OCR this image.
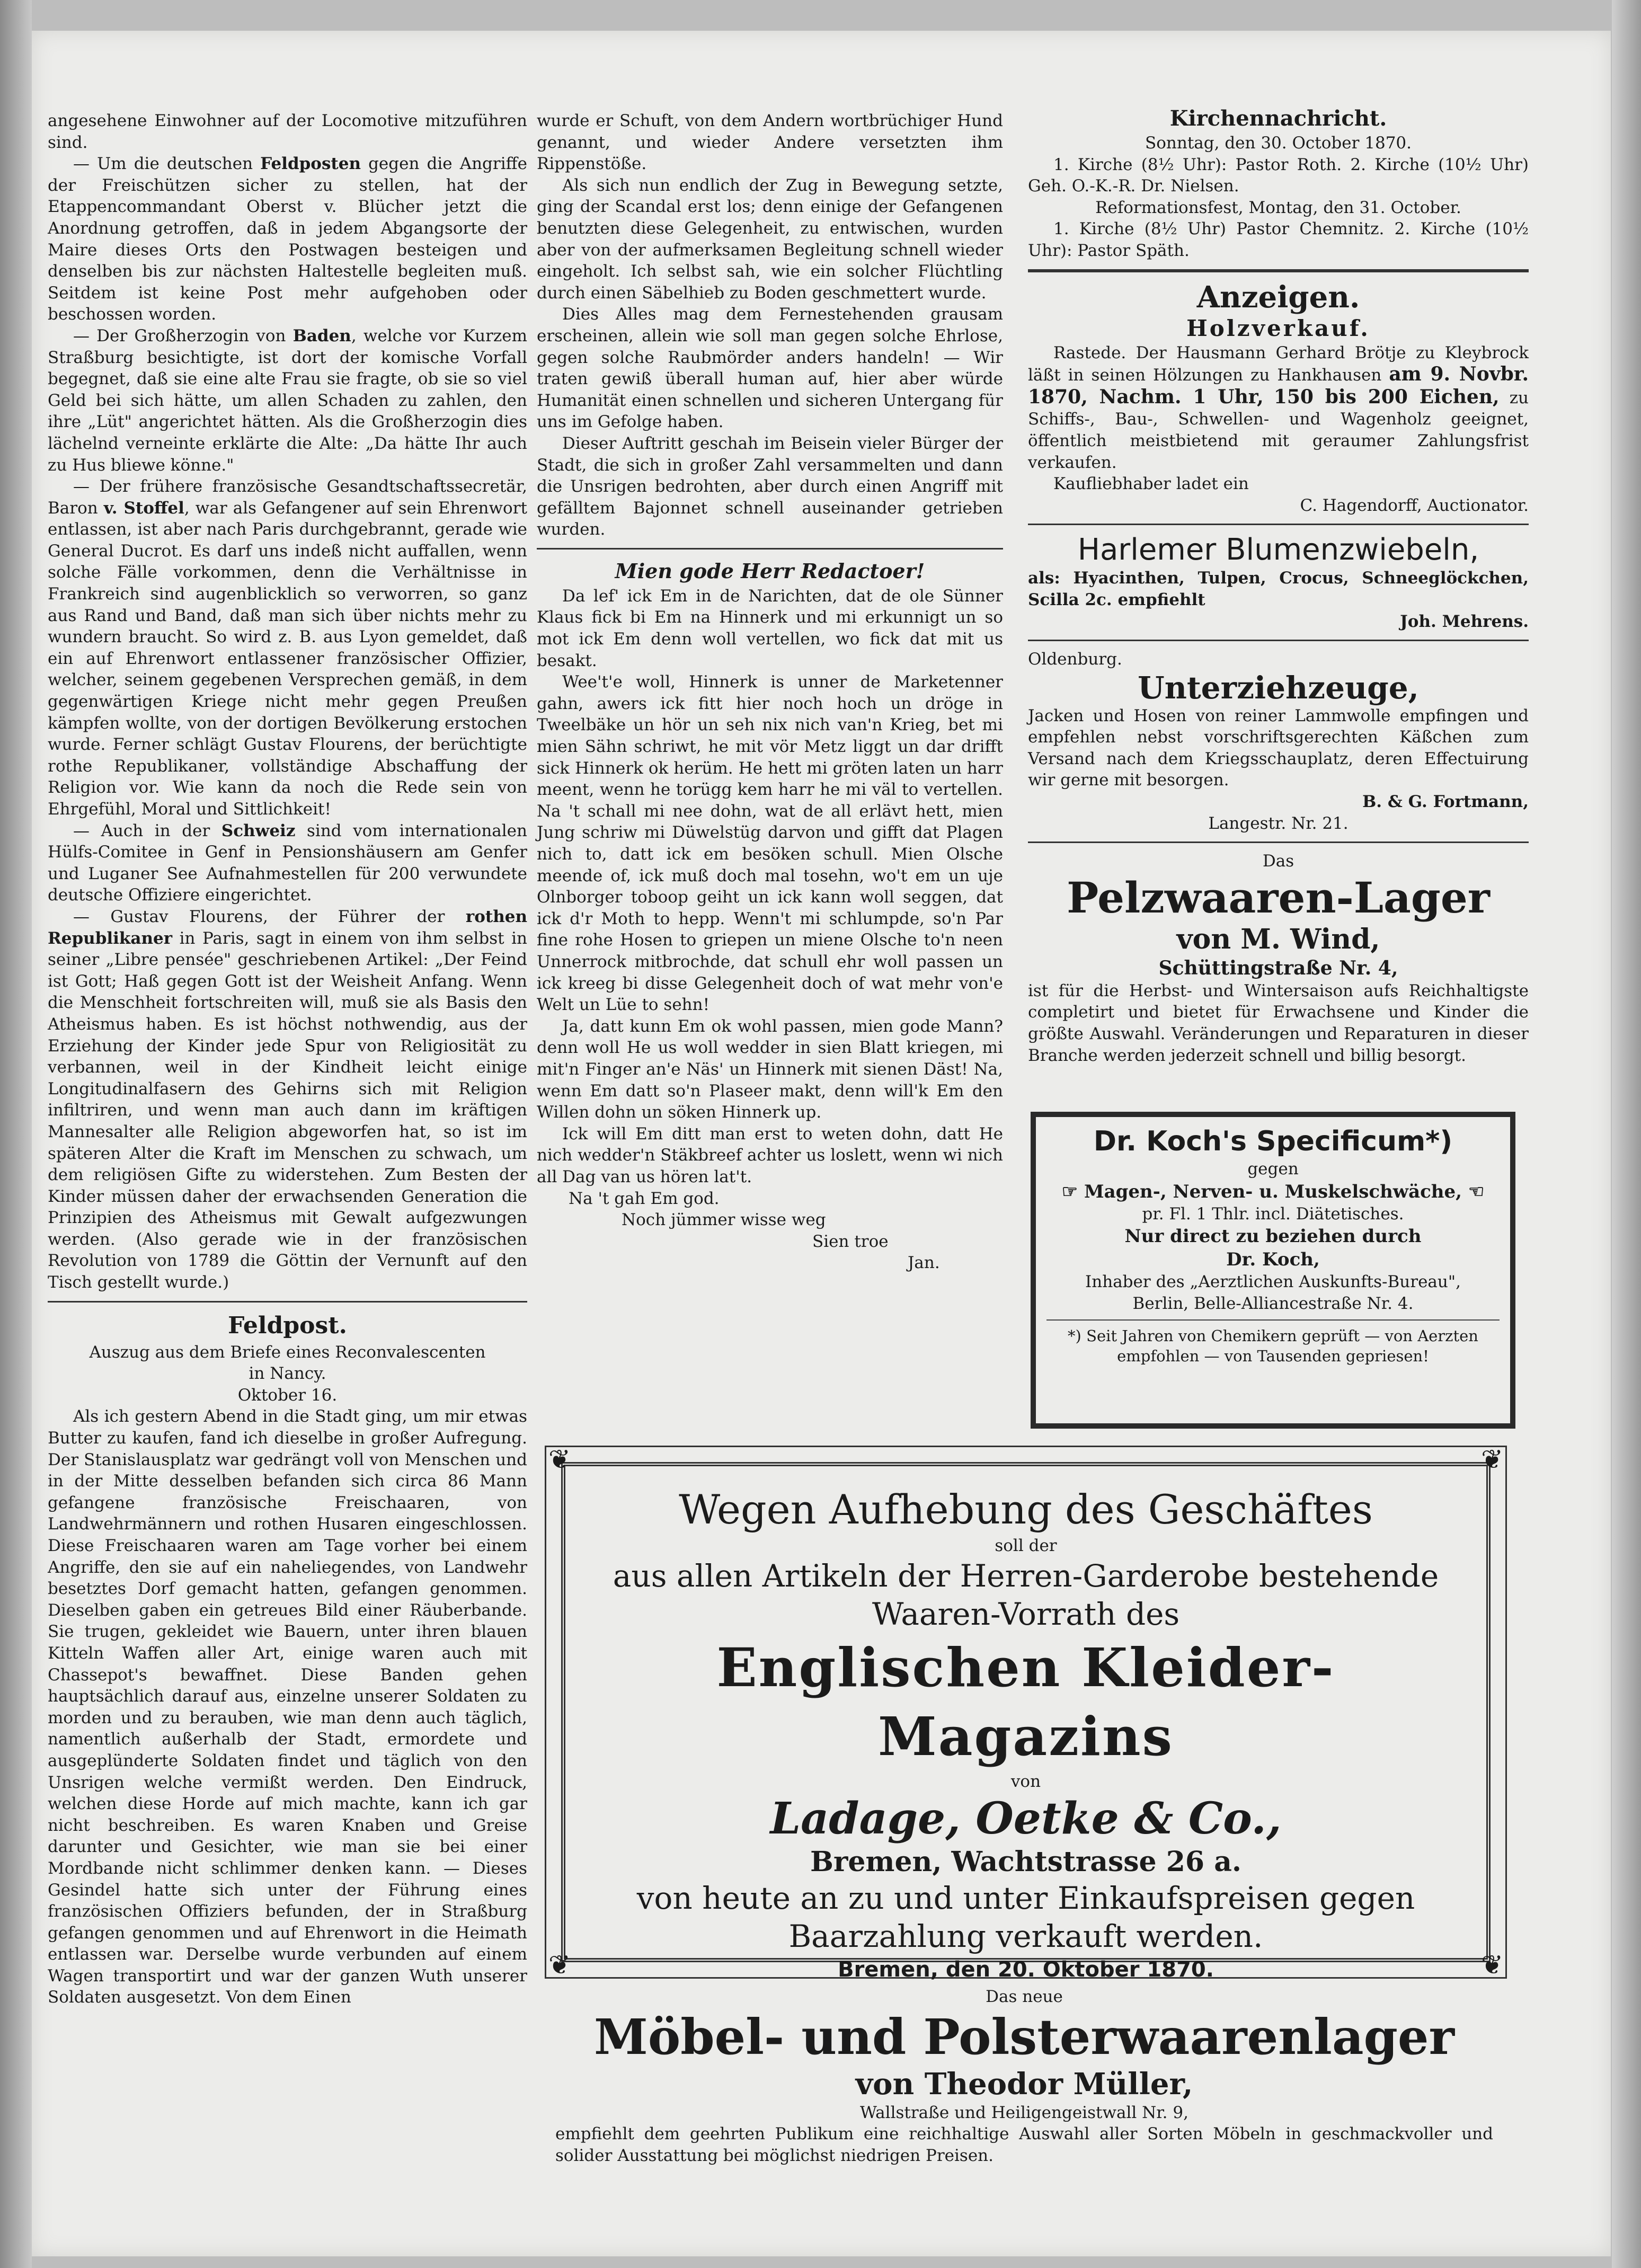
angesehene Einwohner auf der Locomotive mitzuführen sind.

— Um die deutschen Feldposten gegen die Angriffe der Freischützen sicher zu stellen, hat der Etappencommandant Oberst v. Blücher jetzt die Anordnung getroffen, daß in jedem Abgangsorte der Maire dieses Orts den Postwagen besteigen und denselben bis zur nächsten Haltestelle begleiten muß. Seitdem ist keine Post mehr aufgehoben oder beschossen worden.

— Der Großherzogin von Baden, welche vor Kurzem Straßburg besichtigte, ist dort der komische Vorfall begegnet, daß sie eine alte Frau sie fragte, ob sie so viel Geld bei sich hätte, um allen Schaden zu zahlen, den ihre „Lüt" angerichtet hätten. Als die Großherzogin dies lächelnd verneinte erklärte die Alte: „Da hätte Ihr auch zu Hus bliewe könne."

— Der frühere französische Gesandtschaftssecretär, Baron v. Stoffel, war als Gefangener auf sein Ehrenwort entlassen, ist aber nach Paris durchgebrannt, gerade wie General Ducrot. Es darf uns indeß nicht auffallen, wenn solche Fälle vorkommen, denn die Verhältnisse in Frankreich sind augenblicklich so verworren, so ganz aus Rand und Band, daß man sich über nichts mehr zu wundern braucht. So wird z. B. aus Lyon gemeldet, daß ein auf Ehrenwort entlassener französischer Offizier, welcher, seinem gegebenen Versprechen gemäß, in dem gegenwärtigen Kriege nicht mehr gegen Preußen kämpfen wollte, von der dortigen Bevölkerung erstochen wurde. Ferner schlägt Gustav Flourens, der berüchtigte rothe Republikaner, vollständige Abschaffung der Religion vor. Wie kann da noch die Rede sein von Ehrgefühl, Moral und Sittlichkeit!

— Auch in der Schweiz sind vom internationalen Hülfs-Comitee in Genf in Pensionshäusern am Genfer und Luganer See Aufnahmestellen für 200 verwundete deutsche Offiziere eingerichtet.

— Gustav Flourens, der Führer der rothen Republikaner in Paris, sagt in einem von ihm selbst in seiner „Libre pensée" geschriebenen Artikel: „Der Feind ist Gott; Haß gegen Gott ist der Weisheit Anfang. Wenn die Menschheit fortschreiten will, muß sie als Basis den Atheismus haben. Es ist höchst nothwendig, aus der Erziehung der Kinder jede Spur von Religiosität zu verbannen, weil in der Kindheit leicht einige Longitudinalfasern des Gehirns sich mit Religion infiltriren, und wenn man auch dann im kräftigen Mannesalter alle Religion abgeworfen hat, so ist im späteren Alter die Kraft im Menschen zu schwach, um dem religiösen Gifte zu widerstehen. Zum Besten der Kinder müssen daher der erwachsenden Generation die Prinzipien des Atheismus mit Gewalt aufgezwungen werden. (Also gerade wie in der französischen Revolution von 1789 die Göttin der Vernunft auf den Tisch gestellt wurde.)

Feldpost.

Auszug aus dem Briefe eines Reconvalescenten

in Nancy.

Oktober 16.

Als ich gestern Abend in die Stadt ging, um mir etwas Butter zu kaufen, fand ich dieselbe in großer Aufregung. Der Stanislausplatz war gedrängt voll von Menschen und in der Mitte desselben befanden sich circa 86 Mann gefangene französische Freischaaren, von Landwehrmännern und rothen Husaren eingeschlossen. Diese Freischaaren waren am Tage vorher bei einem Angriffe, den sie auf ein naheliegendes, von Landwehr besetztes Dorf gemacht hatten, gefangen genommen. Dieselben gaben ein getreues Bild einer Räuberbande. Sie trugen, gekleidet wie Bauern, unter ihren blauen Kitteln Waffen aller Art, einige waren auch mit Chassepot's bewaffnet. Diese Banden gehen hauptsächlich darauf aus, einzelne unserer Soldaten zu morden und zu berauben, wie man denn auch täglich, namentlich außerhalb der Stadt, ermordete und ausgeplünderte Soldaten findet und täglich von den Unsrigen welche vermißt werden. Den Eindruck, welchen diese Horde auf mich machte, kann ich gar nicht beschreiben. Es waren Knaben und Greise darunter und Gesichter, wie man sie bei einer Mordbande nicht schlimmer denken kann. — Dieses Gesindel hatte sich unter der Führung eines französischen Offiziers befunden, der in Straßburg gefangen genommen und auf Ehrenwort in die Heimath entlassen war. Derselbe wurde verbunden auf einem Wagen transportirt und war der ganzen Wuth unserer Soldaten ausgesetzt. Von dem Einen

wurde er Schuft, von dem Andern wortbrüchiger Hund genannt, und wieder Andere versetzten ihm Rippenstöße.

Als sich nun endlich der Zug in Bewegung setzte, ging der Scandal erst los; denn einige der Gefangenen benutzten diese Gelegenheit, zu entwischen, wurden aber von der aufmerksamen Begleitung schnell wieder eingeholt. Ich selbst sah, wie ein solcher Flüchtling durch einen Säbelhieb zu Boden geschmettert wurde.

Dies Alles mag dem Fernestehenden grausam erscheinen, allein wie soll man gegen solche Ehrlose, gegen solche Raubmörder anders handeln! — Wir traten gewiß überall human auf, hier aber würde Humanität einen schnellen und sicheren Untergang für uns im Gefolge haben.

Dieser Auftritt geschah im Beisein vieler Bürger der Stadt, die sich in großer Zahl versammelten und dann die Unsrigen bedrohten, aber durch einen Angriff mit gefälltem Bajonnet schnell auseinander getrieben wurden.

Mien gode Herr Redactoer!

Da lef' ick Em in de Narichten, dat de ole Sünner Klaus fick bi Em na Hinnerk und mi erkunnigt un so mot ick Em denn woll vertellen, wo fick dat mit us besakt.

Wee't'e woll, Hinnerk is unner de Marketenner gahn, awers ick fitt hier noch hoch un dröge in Tweelbäke un hör un seh nix nich van'n Krieg, bet mi mien Sähn schriwt, he mit vör Metz liggt un dar drifft sick Hinnerk ok herüm. He hett mi gröten laten un harr meent, wenn he torügg kem harr he mi väl to vertellen. Na 't schall mi nee dohn, wat de all erlävt hett, mien Jung schriw mi Düwelstüg darvon und gifft dat Plagen nich to, datt ick em besöken schull. Mien Olsche meende of, ick muß doch mal tosehn, wo't em un uje Olnborger toboop geiht un ick kann woll seggen, dat ick d'r Moth to hepp. Wenn't mi schlumpde, so'n Par fine rohe Hosen to griepen un miene Olsche to'n neen Unnerrock mitbrochde, dat schull ehr woll passen un ick kreeg bi disse Gelegenheit doch of wat mehr von'e Welt un Lüe to sehn!

Ja, datt kunn Em ok wohl passen, mien gode Mann? denn woll He us woll wedder in sien Blatt kriegen, mi mit'n Finger an'e Näs' un Hinnerk mit sienen Däst! Na, wenn Em datt so'n Plaseer makt, denn will'k Em den Willen dohn un söken Hinnerk up.

Ick will Em ditt man erst to weten dohn, datt He nich wedder'n Stäkbreef achter us loslett, wenn wi nich all Dag van us hören lat't.

Na 't gah Em god.

Noch jümmer wisse weg

Sien troe

Jan.

Kirchennachricht.

Sonntag, den 30. October 1870.

1. Kirche (8½ Uhr): Pastor Roth. 2. Kirche (10½ Uhr) Geh. O.-K.-R. Dr. Nielsen.

Reformationsfest, Montag, den 31. October.

1. Kirche (8½ Uhr) Pastor Chemnitz. 2. Kirche (10½ Uhr): Pastor Späth.

Anzeigen.

Holzverkauf.

Rastede. Der Hausmann Gerhard Brötje zu Kleybrock läßt in seinen Hölzungen zu Hankhausen am 9. Novbr. 1870, Nachm. 1 Uhr, 150 bis 200 Eichen, zu Schiffs-, Bau-, Schwellen- und Wagenholz geeignet, öffentlich meistbietend mit geraumer Zahlungsfrist verkaufen.

Kaufliebhaber ladet ein

C. Hagendorff, Auctionator.

Harlemer Blumenzwiebeln,

als: Hyacinthen, Tulpen, Crocus, Schneeglöckchen, Scilla 2c. empfiehlt

Joh. Mehrens.

Oldenburg.

Unterziehzeuge,

Jacken und Hosen von reiner Lammwolle empfingen und empfehlen nebst vorschriftsgerechten Käßchen zum Versand nach dem Kriegsschauplatz, deren Effectuirung wir gerne mit besorgen.

B. & G. Fortmann,

Langestr. Nr. 21.

Das

Pelzwaaren-Lager

von M. Wind,

Schüttingstraße Nr. 4,

ist für die Herbst- und Wintersaison aufs Reichhaltigste completirt und bietet für Erwachsene und Kinder die größte Auswahl. Veränderungen und Reparaturen in dieser Branche werden jederzeit schnell und billig besorgt.

Dr. Koch's Specificum*)

gegen

☞ Magen-, Nerven- u. Muskelschwäche, ☜

pr. Fl. 1 Thlr. incl. Diätetisches.

Nur direct zu beziehen durch

Dr. Koch,

Inhaber des „Aerztlichen Auskunfts-Bureau",

Berlin, Belle-Alliancestraße Nr. 4.

*) Seit Jahren von Chemikern geprüft — von Aerzten empfohlen — von Tausenden gepriesen!

❦	❦
❦	❦

Wegen Aufhebung des Geschäftes

soll der

aus allen Artikeln der Herren-Garderobe bestehende

Waaren-Vorrath des

Englischen Kleider-Magazins

von

Ladage, Oetke & Co.,

Bremen, Wachtstrasse 26 a.

von heute an zu und unter Einkaufspreisen gegen

Baarzahlung verkauft werden.

Bremen, den 20. Oktober 1870.

Das neue

Möbel- und Polsterwaarenlager

von Theodor Müller,

Wallstraße und Heiligengeistwall Nr. 9,

empfiehlt dem geehrten Publikum eine reichhaltige Auswahl aller Sorten Möbeln in geschmackvoller und solider Ausstattung bei möglichst niedrigen Preisen.
